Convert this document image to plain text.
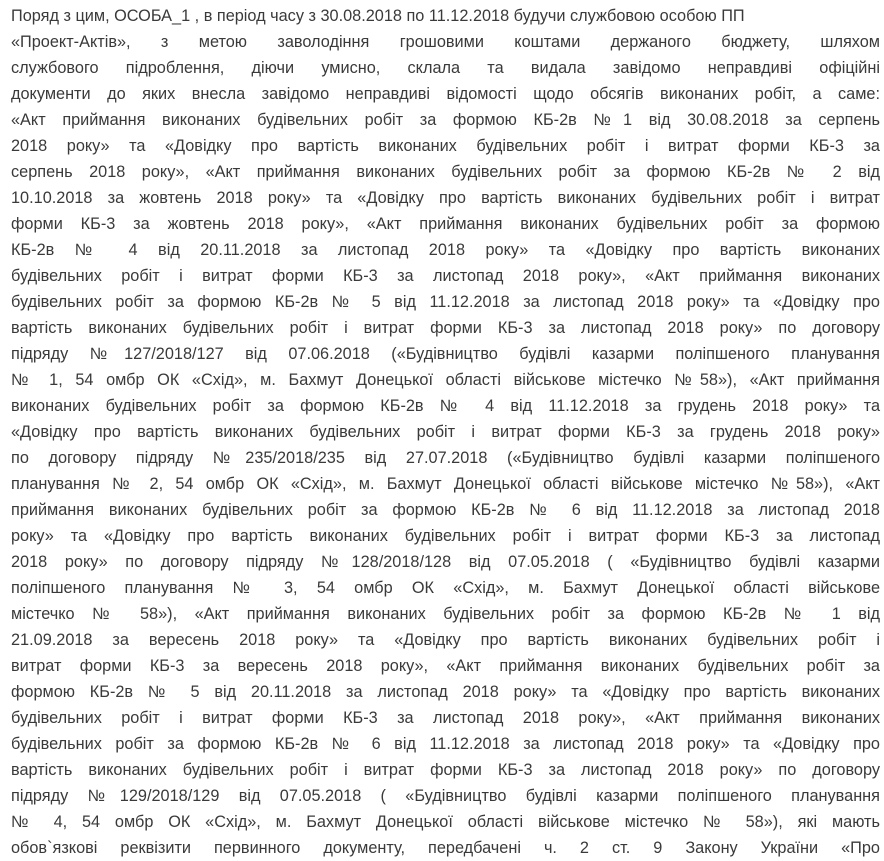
Поряд з цим, ОСОБА_1 , в період часу з 30.08.2018 по 11.12.2018 будучи службовою особою ПП
«Проект-Актів», з метою заволодіння грошовими коштами держаного бюджету, шляхом
службового підроблення, діючи умисно, склала та видала завідомо неправдиві офіційні
документи до яких внесла завідомо неправдиві відомості щодо обсягів виконаних робіт, а саме:
«Акт приймання виконаних будівельних робіт за формою КБ-2в №1 від 30.08.2018 за серпень
2018 року» та «Довідку про вартість виконаних будівельних робіт і витрат форми КБ-3 за
серпень 2018 року», «Акт приймання виконаних будівельних робіт за формою КБ-2в № 2 від
10.10.2018 за жовтень 2018 року» та «Довідку про вартість виконаних будівельних робіт і витрат
форми КБ-3 за жовтень 2018 року», «Акт приймання виконаних будівельних робіт за формою
КБ-2в № 4 від 20.11.2018 за листопад 2018 року» та «Довідку про вартість виконаних
будівельних робіт і витрат форми КБ-3 за листопад 2018 року», «Акт приймання виконаних
будівельних робіт за формою КБ-2в № 5 від 11.12.2018 за листопад 2018 року» та «Довідку про
вартість виконаних будівельних робіт і витрат форми КБ-3 за листопад 2018 року» по договору
підряду №127/2018/127 від 07.06.2018 («Будівництво будівлі казарми поліпшеного планування
№ 1, 54 омбр ОК «Схід», м. Бахмут Донецької області військове містечко №58»), «Акт приймання
виконаних будівельних робіт за формою КБ-2в № 4 від 11.12.2018 за грудень 2018 року» та
«Довідку про вартість виконаних будівельних робіт і витрат форми КБ-3 за грудень 2018 року»
по договору підряду №235/2018/235 від 27.07.2018 («Будівництво будівлі казарми поліпшеного
планування № 2, 54 омбр ОК «Схід», м. Бахмут Донецької області військове містечко №58»), «Акт
приймання виконаних будівельних робіт за формою КБ-2в № 6 від 11.12.2018 за листопад 2018
року» та «Довідку про вартість виконаних будівельних робіт і витрат форми КБ-3 за листопад
2018 року» по договору підряду №128/2018/128 від 07.05.2018 ( «Будівництво будівлі казарми
поліпшеного планування № 3, 54 омбр ОК «Схід», м. Бахмут Донецької області військове
містечко № 58»), «Акт приймання виконаних будівельних робіт за формою КБ-2в № 1 від
21.09.2018 за вересень 2018 року» та «Довідку про вартість виконаних будівельних робіт і
витрат форми КБ-3 за вересень 2018 року», «Акт приймання виконаних будівельних робіт за
формою КБ-2в № 5 від 20.11.2018 за листопад 2018 року» та «Довідку про вартість виконаних
будівельних робіт і витрат форми КБ-3 за листопад 2018 року», «Акт приймання виконаних
будівельних робіт за формою КБ-2в № 6 від 11.12.2018 за листопад 2018 року» та «Довідку про
вартість виконаних будівельних робіт і витрат форми КБ-3 за листопад 2018 року» по договору
підряду №129/2018/129 від 07.05.2018 ( «Будівництво будівлі казарми поліпшеного планування
№ 4, 54 омбр ОК «Схід», м. Бахмут Донецької області військове містечко № 58»), які мають
обов`язкові реквізити первинного документу, передбачені ч. 2 ст. 9 Закону України «Про
